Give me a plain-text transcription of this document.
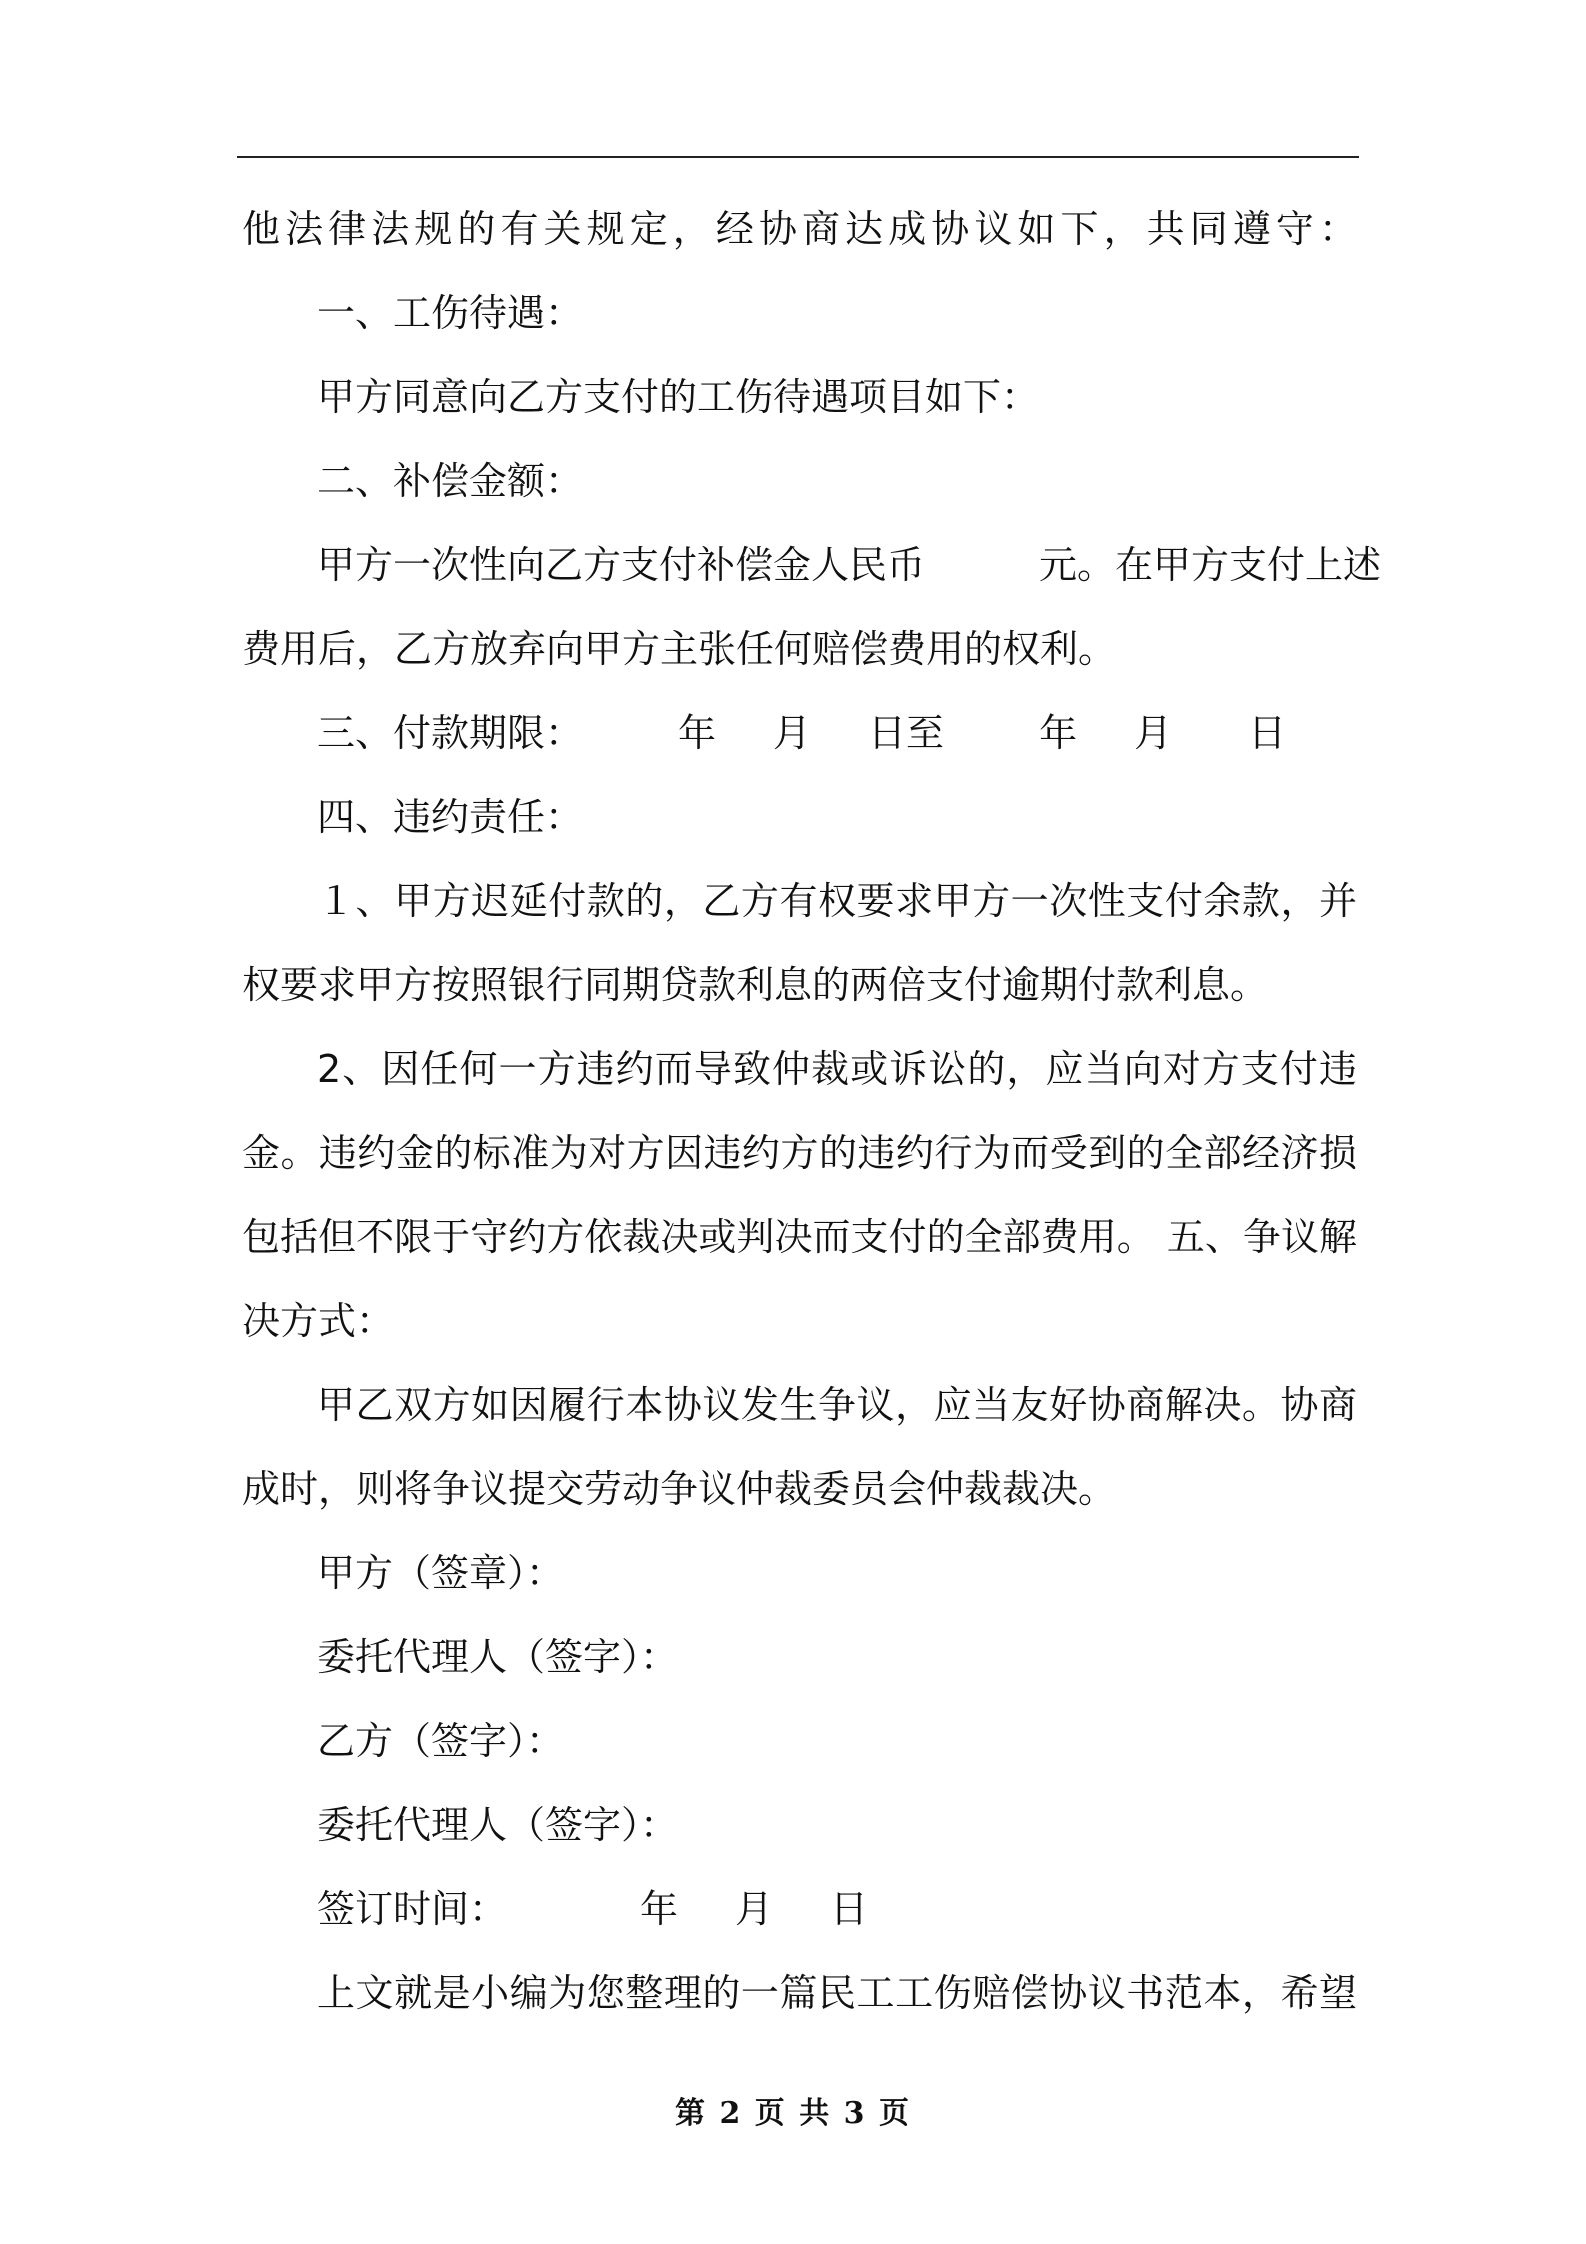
他法律法规的有关规定，经协商达成协议如下，共同遵守：
一、工伤待遇：
甲方同意向乙方支付的工伤待遇项目如下：
二、补偿金额：
甲方一次性向乙方支付补偿金人民币	元。在甲方支付上述
费用后，乙方放弃向甲方主张任何赔偿费用的权利。
三、付款期限：	年 月 日至	年 月 日
四、违约责任：
１、甲方迟延付款的，乙方有权要求甲方一次性支付余款，并
权要求甲方按照银行同期贷款利息的两倍支付逾期付款利息。
2、因任何一方违约而导致仲裁或诉讼的，应当向对方支付违
金。违约金的标准为对方因违约方的违约行为而受到的全部经济损
包括但不限于守约方依裁决或判决而支付的全部费用。 五、争议解
决方式：
甲乙双方如因履行本协议发生争议，应当友好协商解决。协商
成时，则将争议提交劳动争议仲裁委员会仲裁裁决。
甲方（签章）：
委托代理人（签字）：
乙方（签字）：
委托代理人（签字）：
签订时间：	年 月 日
上文就是小编为您整理的一篇民工工伤赔偿协议书范本，希望
第 2 页 共 3 页
